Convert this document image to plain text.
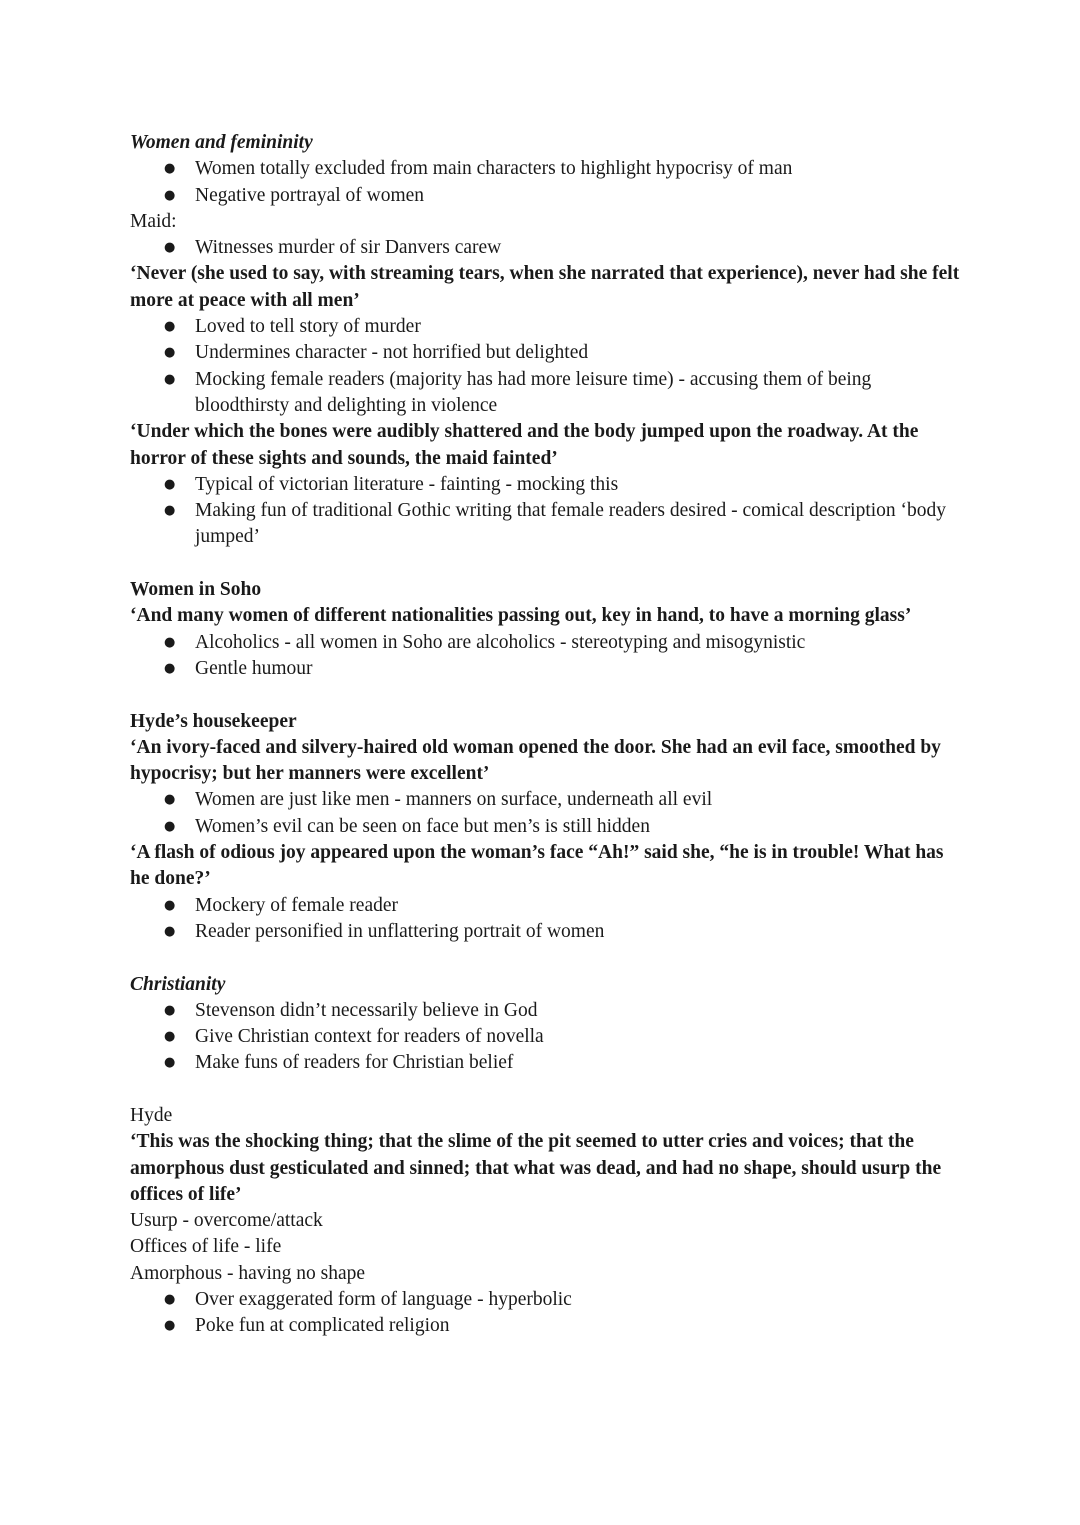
Women and femininity
● Women totally excluded from main characters to highlight hypocrisy of man
● Negative portrayal of women
Maid:
● Witnesses murder of sir Danvers carew
‘Never (she used to say, with streaming tears, when she narrated that experience), never had she felt more at peace with all men’
● Loved to tell story of murder
● Undermines character - not horrified but delighted
● Mocking female readers (majority has had more leisure time) - accusing them of being bloodthirsty and delighting in violence
‘Under which the bones were audibly shattered and the body jumped upon the roadway. At the horror of these sights and sounds, the maid fainted’
● Typical of victorian literature - fainting - mocking this
● Making fun of traditional Gothic writing that female readers desired - comical description ‘body jumped’
Women in Soho
‘And many women of different nationalities passing out, key in hand, to have a morning glass’
● Alcoholics - all women in Soho are alcoholics - stereotyping and misogynistic
● Gentle humour
Hyde’s housekeeper
‘An ivory-faced and silvery-haired old woman opened the door. She had an evil face, smoothed by hypocrisy; but her manners were excellent’
● Women are just like men - manners on surface, underneath all evil
● Women’s evil can be seen on face but men’s is still hidden
‘A flash of odious joy appeared upon the woman’s face “Ah!” said she, “he is in trouble! What has he done?’
● Mockery of female reader
● Reader personified in unflattering portrait of women
Christianity
● Stevenson didn’t necessarily believe in God
● Give Christian context for readers of novella
● Make funs of readers for Christian belief
Hyde
‘This was the shocking thing; that the slime of the pit seemed to utter cries and voices; that the amorphous dust gesticulated and sinned; that what was dead, and had no shape, should usurp the offices of life’
Usurp - overcome/attack
Offices of life - life
Amorphous - having no shape
● Over exaggerated form of language - hyperbolic
● Poke fun at complicated religion
